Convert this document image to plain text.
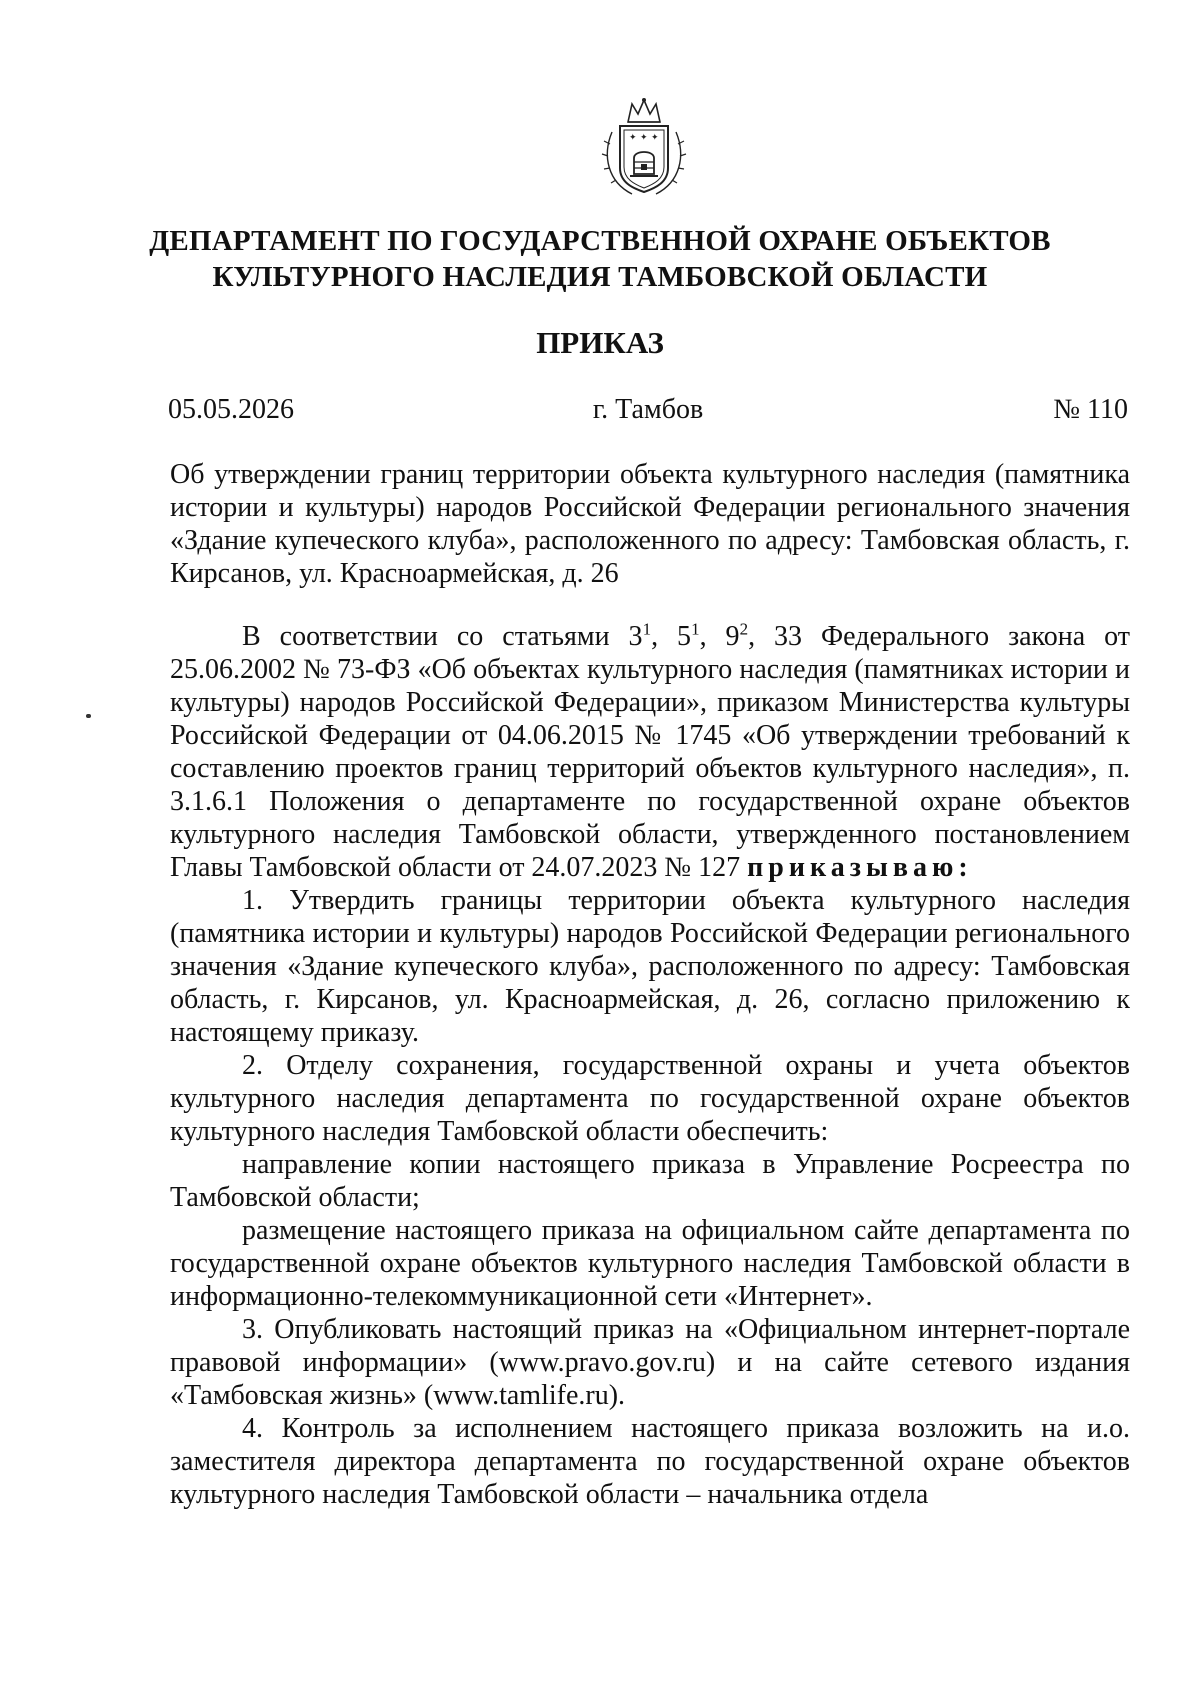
✦ ✦ ✦
ДЕПАРТАМЕНТ ПО ГОСУДАРСТВЕННОЙ ОХРАНЕ ОБЪЕКТОВ
КУЛЬТУРНОГО НАСЛЕДИЯ ТАМБОВСКОЙ ОБЛАСТИ
ПРИКАЗ
05.05.2026	г. Тамбов	№ 110

Об утверждении границ территории объекта культурного наследия (памятника истории и культуры) народов Российской Федерации регионального значения «Здание купеческого клуба», расположенного по адресу: Тамбовская область, г. Кирсанов, ул. Красноармейская, д. 26

В соответствии со статьями $3^1$, $5^1$, $9^2$, 33 Федерального закона от 25.06.2002 № 73-ФЗ «Об объектах культурного наследия (памятниках истории и культуры) народов Российской Федерации», приказом Министерства культуры Российской Федерации от 04.06.2015 № 1745 «Об утверждении требований к составлению проектов границ территорий объектов культурного наследия», п. 3.1.6.1 Положения о департаменте по государственной охране объектов культурного наследия Тамбовской области, утвержденного постановлением Главы Тамбовской области от 24.07.2023 № 127 приказываю:

1. Утвердить границы территории объекта культурного наследия (памятника истории и культуры) народов Российской Федерации регионального значения «Здание купеческого клуба», расположенного по адресу: Тамбовская область, г. Кирсанов, ул. Красноармейская, д. 26, согласно приложению к настоящему приказу.

2. Отделу сохранения, государственной охраны и учета объектов культурного наследия департамента по государственной охране объектов культурного наследия Тамбовской области обеспечить:

направление копии настоящего приказа в Управление Росреестра по Тамбовской области;

размещение настоящего приказа на официальном сайте департамента по государственной охране объектов культурного наследия Тамбовской области в информационно-телекоммуникационной сети «Интернет».

3. Опубликовать настоящий приказ на «Официальном интернет-портале правовой информации» (www.pravo.gov.ru) и на сайте сетевого издания «Тамбовская жизнь» (www.tamlife.ru).

4. Контроль за исполнением настоящего приказа возложить на и.о. заместителя директора департамента по государственной охране объектов культурного наследия Тамбовской области – начальника отдела
